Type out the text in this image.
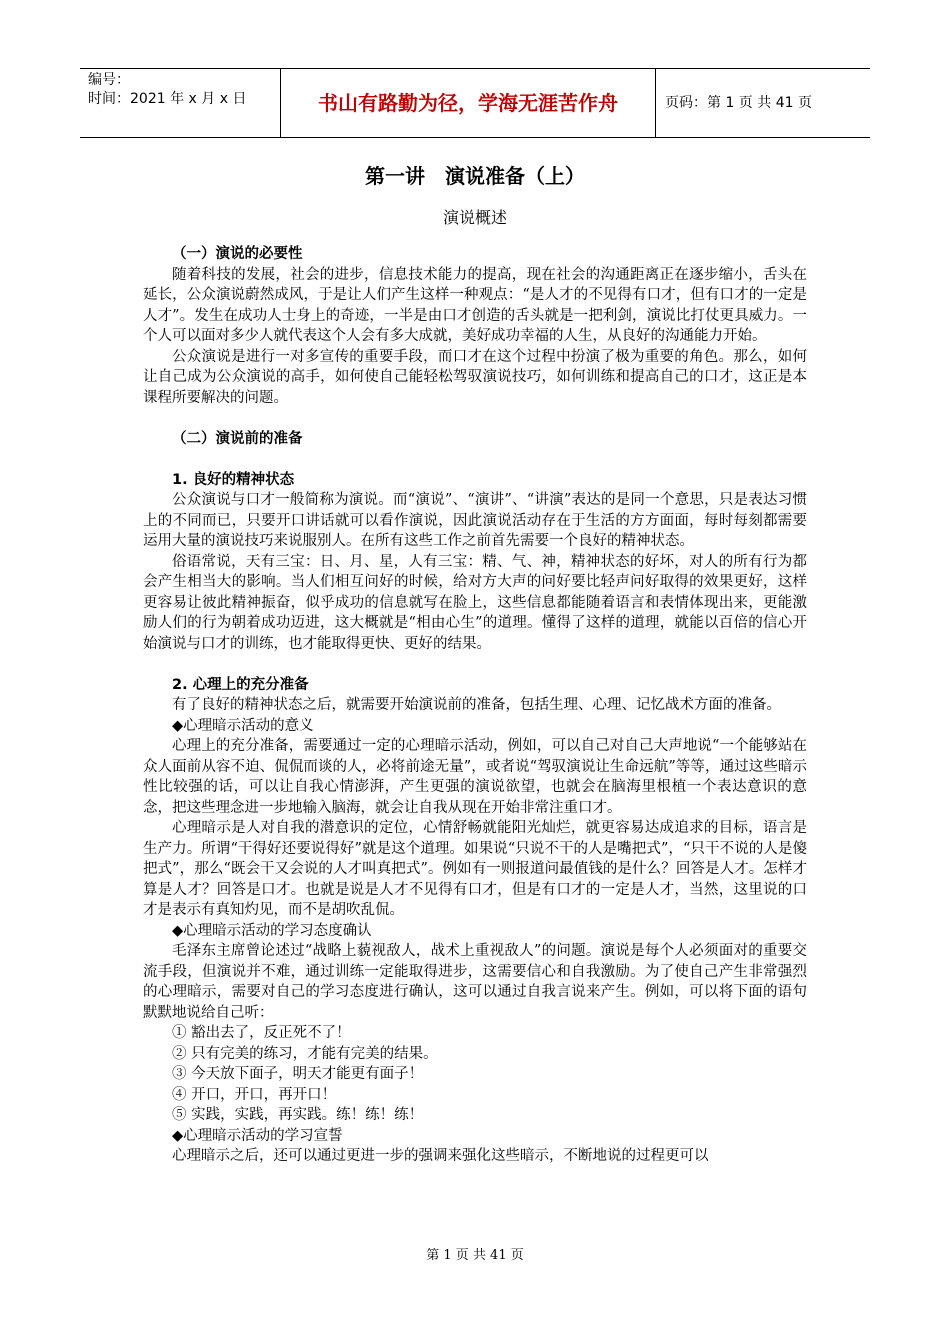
编号：
时间：2021 年 x 月 x 日	书山有路勤为径，学海无涯苦作舟	页码：第 1 页 共 41 页
第一讲　演说准备（上）
演说概述
（一）演说的必要性

随着科技的发展，社会的进步，信息技术能力的提高，现在社会的沟通距离正在逐步缩小，舌头在延长，公众演说蔚然成风，于是让人们产生这样一种观点：“是人才的不见得有口才，但有口才的一定是人才”。发生在成功人士身上的奇迹，一半是由口才创造的舌头就是一把利剑，演说比打仗更具威力。一个人可以面对多少人就代表这个人会有多大成就，美好成功幸福的人生，从良好的沟通能力开始。

公众演说是进行一对多宣传的重要手段，而口才在这个过程中扮演了极为重要的角色。那么，如何让自己成为公众演说的高手，如何使自己能轻松驾驭演说技巧，如何训练和提高自己的口才，这正是本课程所要解决的问题。

（二）演说前的准备
1. 良好的精神状态

公众演说与口才一般简称为演说。而“演说”、“演讲”、“讲演”表达的是同一个意思，只是表达习惯上的不同而已，只要开口讲话就可以看作演说，因此演说活动存在于生活的方方面面，每时每刻都需要运用大量的演说技巧来说服别人。在所有这些工作之前首先需要一个良好的精神状态。

俗语常说，天有三宝：日、月、星，人有三宝：精、气、神，精神状态的好坏，对人的所有行为都会产生相当大的影响。当人们相互问好的时候，给对方大声的问好要比轻声问好取得的效果更好，这样更容易让彼此精神振奋，似乎成功的信息就写在脸上，这些信息都能随着语言和表情体现出来，更能激励人们的行为朝着成功迈进，这大概就是“相由心生”的道理。懂得了这样的道理，就能以百倍的信心开始演说与口才的训练，也才能取得更快、更好的结果。

2. 心理上的充分准备

有了良好的精神状态之后，就需要开始演说前的准备，包括生理、心理、记忆战术方面的准备。

◆心理暗示活动的意义

心理上的充分准备，需要通过一定的心理暗示活动，例如，可以自己对自己大声地说“一个能够站在众人面前从容不迫、侃侃而谈的人，必将前途无量”，或者说“驾驭演说让生命远航”等等，通过这些暗示性比较强的话，可以让自我心情澎湃，产生更强的演说欲望，也就会在脑海里根植一个表达意识的意念，把这些理念进一步地输入脑海，就会让自我从现在开始非常注重口才。

心理暗示是人对自我的潜意识的定位，心情舒畅就能阳光灿烂，就更容易达成追求的目标，语言是生产力。所谓“干得好还要说得好”就是这个道理。如果说“只说不干的人是嘴把式”，“只干不说的人是傻把式”，那么“既会干又会说的人才叫真把式”。例如有一则报道问最值钱的是什么？回答是人才。怎样才算是人才？回答是口才。也就是说是人才不见得有口才，但是有口才的一定是人才，当然，这里说的口才是表示有真知灼见，而不是胡吹乱侃。

◆心理暗示活动的学习态度确认

毛泽东主席曾论述过“战略上藐视敌人，战术上重视敌人”的问题。演说是每个人必须面对的重要交流手段，但演说并不难，通过训练一定能取得进步，这需要信心和自我激励。为了使自己产生非常强烈的心理暗示，需要对自己的学习态度进行确认，这可以通过自我言说来产生。例如，可以将下面的语句默默地说给自己听：

① 豁出去了，反正死不了！

② 只有完美的练习，才能有完美的结果。

③ 今天放下面子，明天才能更有面子！

④ 开口，开口，再开口！

⑤ 实践，实践，再实践。练！练！练！

◆心理暗示活动的学习宣誓

心理暗示之后，还可以通过更进一步的强调来强化这些暗示，不断地说的过程更可以

第 1 页 共 41 页
